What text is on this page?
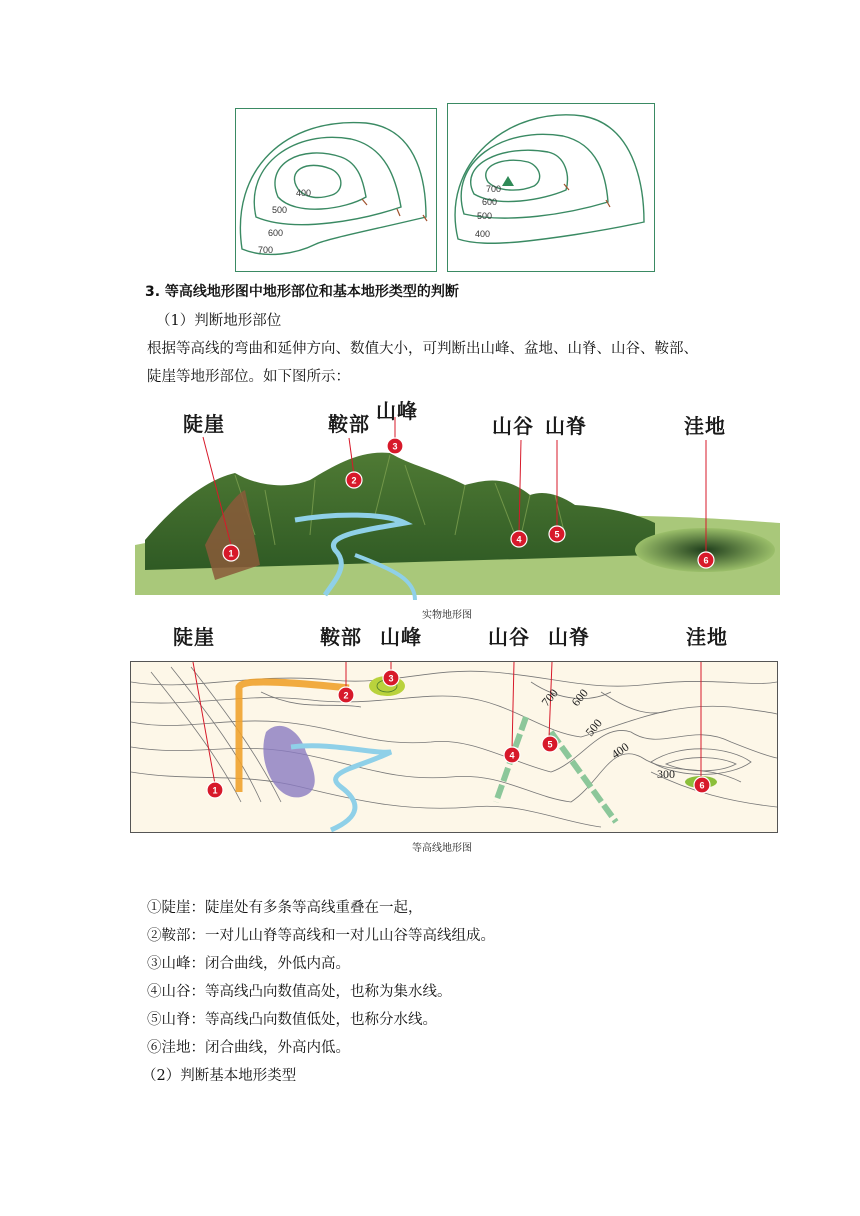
400
500
600
700
700
600
500
400
3. 等高线地形图中地形部位和基本地形类型的判断
（1）判断地形部位
根据等高线的弯曲和延伸方向、数值大小，可判断出山峰、盆地、山脊、山谷、鞍部、
陡崖等地形部位。如下图所示：
1
2
3
4	5
6
陡崖	鞍部
山峰
山谷 山脊	洼地
实物地形图
陡崖	鞍部 山峰	山谷 山脊	洼地
700 600
500
400
300
1
2
3
4
5
6
等高线地形图
①陡崖：陡崖处有多条等高线重叠在一起，
②鞍部：一对儿山脊等高线和一对儿山谷等高线组成。
③山峰：闭合曲线，外低内高。
④山谷：等高线凸向数值高处，也称为集水线。
⑤山脊：等高线凸向数值低处，也称分水线。
⑥洼地：闭合曲线，外高内低。
（2）判断基本地形类型
